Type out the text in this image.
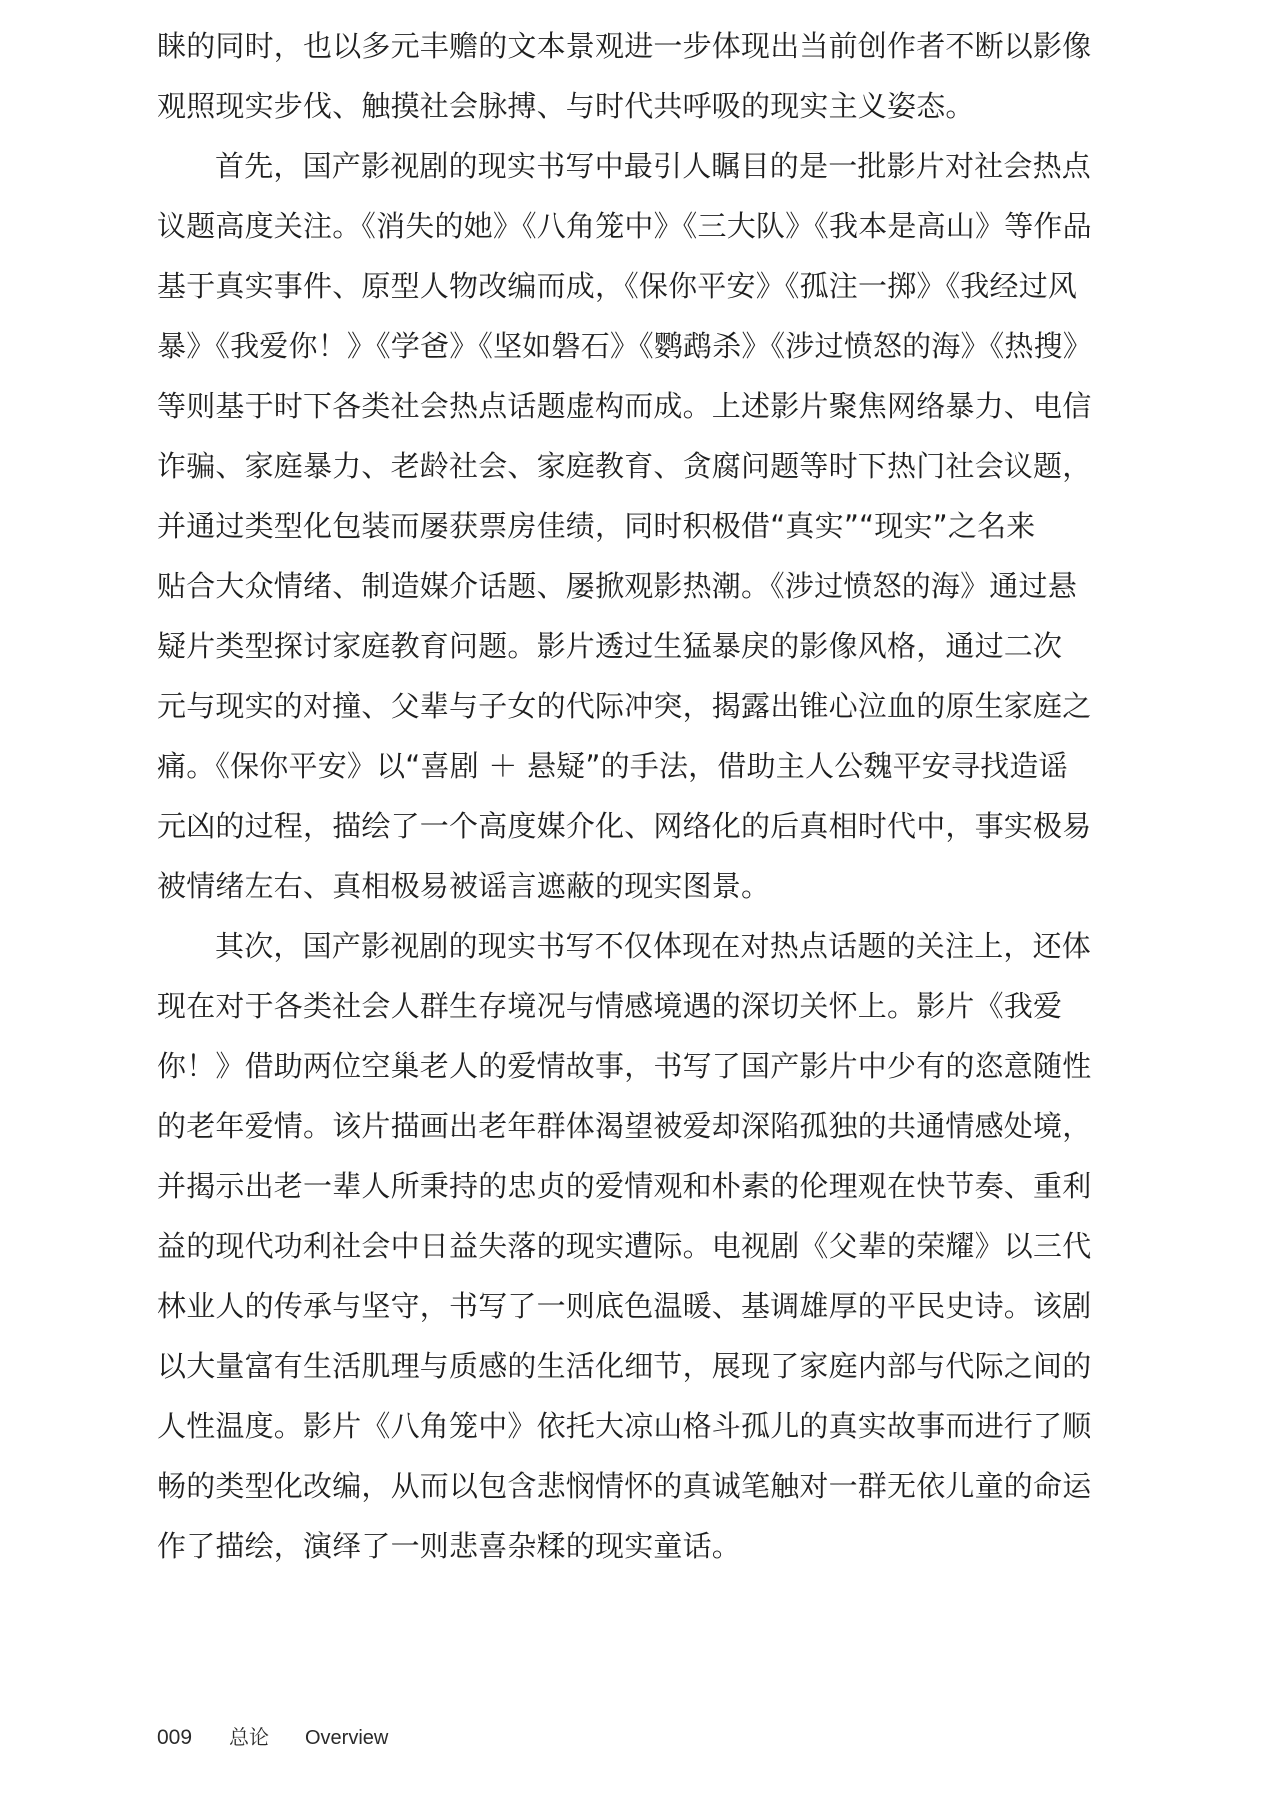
睐的同时，也以多元丰赡的文本景观进一步体现出当前创作者不断以影像
观照现实步伐、触摸社会脉搏、与时代共呼吸的现实主义姿态。
首先，国产影视剧的现实书写中最引人瞩目的是一批影片对社会热点
议题高度关注。《消失的她》《八角笼中》《三大队》《我本是高山》等作品
基于真实事件、原型人物改编而成，《保你平安》《孤注一掷》《我经过风
暴》《我爱你！》《学爸》《坚如磐石》《鹦鹉杀》《涉过愤怒的海》《热搜》
等则基于时下各类社会热点话题虚构而成。上述影片聚焦网络暴力、电信
诈骗、家庭暴力、老龄社会、家庭教育、贪腐问题等时下热门社会议题，
并通过类型化包装而屡获票房佳绩，同时积极借“真实”“现实”之名来
贴合大众情绪、制造媒介话题、屡掀观影热潮。《涉过愤怒的海》通过悬
疑片类型探讨家庭教育问题。影片透过生猛暴戾的影像风格，通过二次
元与现实的对撞、父辈与子女的代际冲突，揭露出锥心泣血的原生家庭之
痛。《保你平安》以“喜剧 ＋ 悬疑”的手法，借助主人公魏平安寻找造谣
元凶的过程，描绘了一个高度媒介化、网络化的后真相时代中，事实极易
被情绪左右、真相极易被谣言遮蔽的现实图景。
其次，国产影视剧的现实书写不仅体现在对热点话题的关注上，还体
现在对于各类社会人群生存境况与情感境遇的深切关怀上。影片《我爱
你！》借助两位空巢老人的爱情故事，书写了国产影片中少有的恣意随性
的老年爱情。该片描画出老年群体渴望被爱却深陷孤独的共通情感处境，
并揭示出老一辈人所秉持的忠贞的爱情观和朴素的伦理观在快节奏、重利
益的现代功利社会中日益失落的现实遭际。电视剧《父辈的荣耀》以三代
林业人的传承与坚守，书写了一则底色温暖、基调雄厚的平民史诗。该剧
以大量富有生活肌理与质感的生活化细节，展现了家庭内部与代际之间的
人性温度。影片《八角笼中》依托大凉山格斗孤儿的真实故事而进行了顺
畅的类型化改编，从而以包含悲悯情怀的真诚笔触对一群无依儿童的命运
作了描绘，演绎了一则悲喜杂糅的现实童话。
009 总论 Overview
